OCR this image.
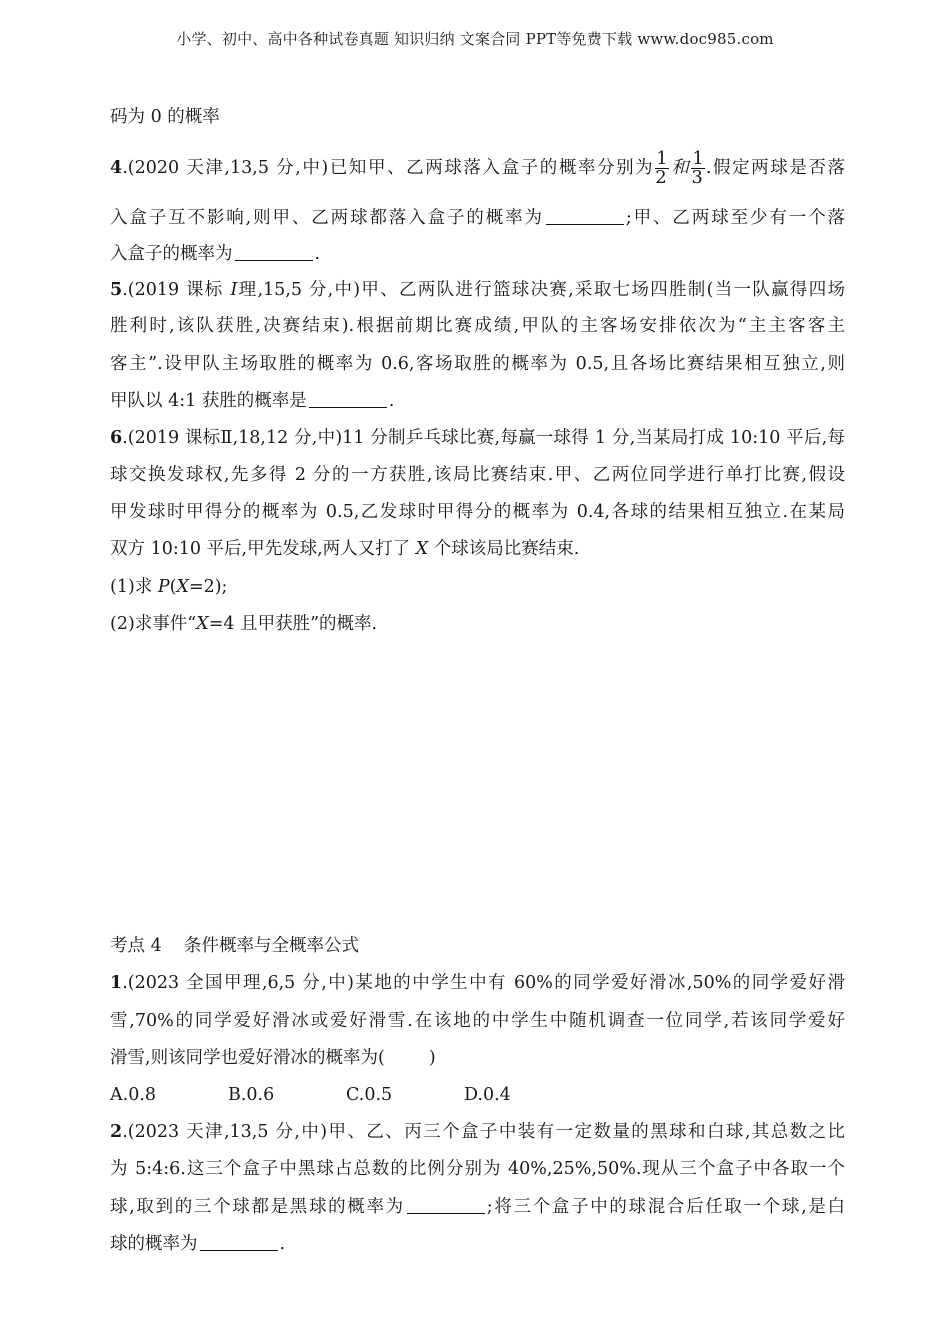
小学、初中、高中各种试卷真题 知识归纳 文案合同 PPT等免费下载 www.doc985.com
码为 0 的概率
4.(2020 天津,13,5 分,中)已知甲、乙两球落入盒子的概率分别为 $\frac{1}{2}$ 和 $\frac{1}{3}$ .假定两球是否落
入盒子互不影响,则甲、乙两球都落入盒子的概率为	;甲、乙两球至少有一个落
入盒子的概率为	.
5.(2019 课标 Ⅰ理,15,5 分,中)甲、乙两队进行篮球决赛,采取七场四胜制(当一队赢得四场
胜利时,该队获胜,决赛结束).根据前期比赛成绩,甲队的主客场安排依次为“主主客客主
客主”.设甲队主场取胜的概率为 0.6,客场取胜的概率为 0.5,且各场比赛结果相互独立,则
甲队以 4:1 获胜的概率是	.
6.(2019 课标Ⅱ,18,12 分,中)11 分制乒乓球比赛,每赢一球得 1 分,当某局打成 10:10 平后,每
球交换发球权,先多得 2 分的一方获胜,该局比赛结束.甲、乙两位同学进行单打比赛,假设
甲发球时甲得分的概率为 0.5,乙发球时甲得分的概率为 0.4,各球的结果相互独立.在某局
双方 10:10 平后,甲先发球,两人又打了 X 个球该局比赛结束.
(1)求 P(X=2);
(2)求事件“X=4 且甲获胜”的概率.
考点 4    条件概率与全概率公式
1.(2023 全国甲理,6,5 分,中)某地的中学生中有 60%的同学爱好滑冰,50%的同学爱好滑
雪,70%的同学爱好滑冰或爱好滑雪.在该地的中学生中随机调查一位同学,若该同学爱好
滑雪,则该同学也爱好滑冰的概率为(	)
A.0.8	B.0.6	C.0.5	D.0.4
2.(2023 天津,13,5 分,中)甲、乙、丙三个盒子中装有一定数量的黑球和白球,其总数之比
为 5:4:6.这三个盒子中黑球占总数的比例分别为 40%,25%,50%.现从三个盒子中各取一个
球,取到的三个球都是黑球的概率为	;将三个盒子中的球混合后任取一个球,是白
球的概率为	.
